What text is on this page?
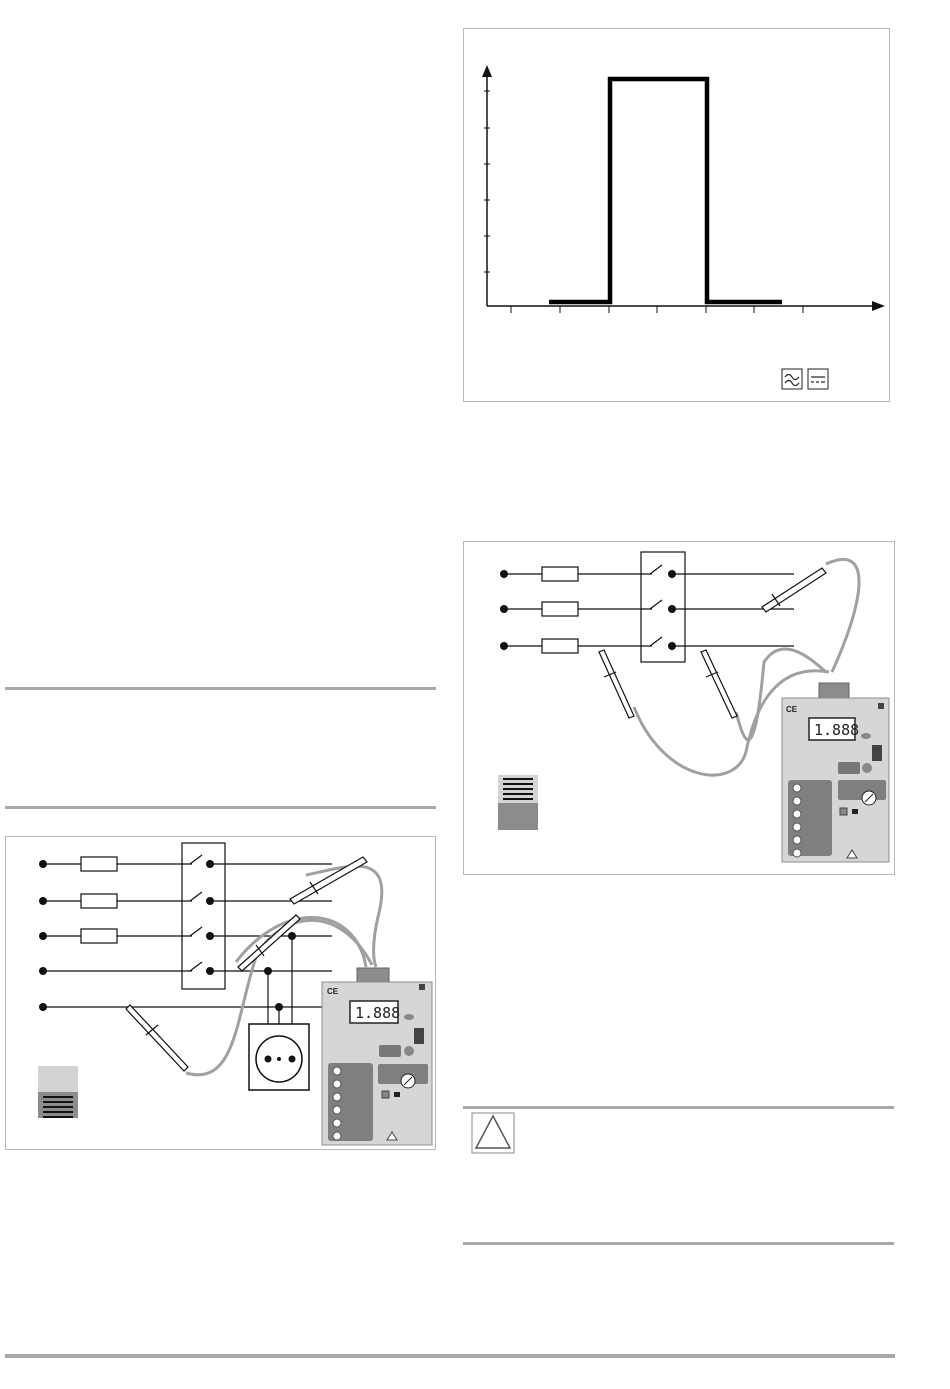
CE
1.888
CE
1.888
